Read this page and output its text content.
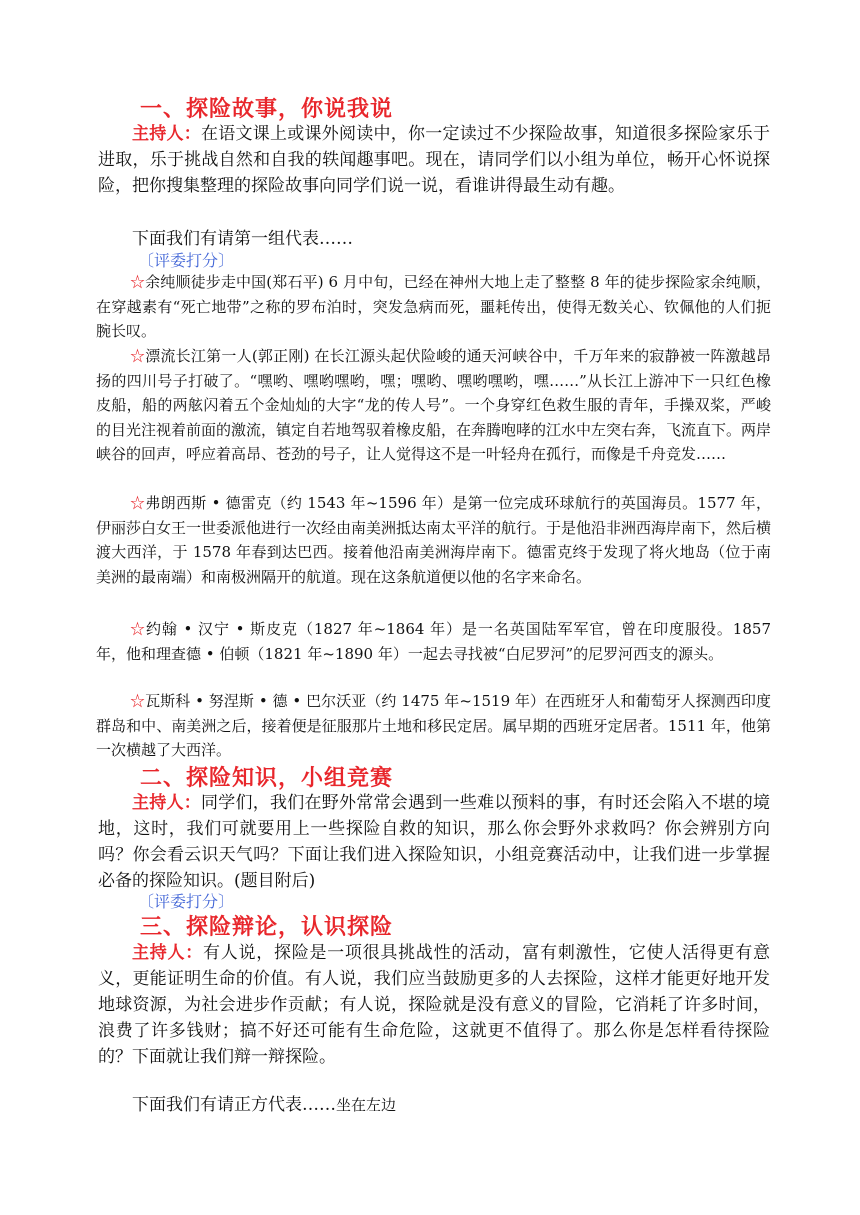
一、探险故事，你说我说
主持人：在语文课上或课外阅读中，你一定读过不少探险故事，知道很多探险家乐于进取，乐于挑战自然和自我的轶闻趣事吧。现在，请同学们以小组为单位，畅开心怀说探险，把你搜集整理的探险故事向同学们说一说，看谁讲得最生动有趣。
下面我们有请第一组代表……
〔评委打分〕
☆余纯顺徒步走中国(郑石平) 6 月中旬，已经在神州大地上走了整整 8 年的徒步探险家余纯顺，在穿越素有“死亡地带”之称的罗布泊时，突发急病而死，噩耗传出，使得无数关心、钦佩他的人们扼腕长叹。
☆漂流长江第一人(郭正刚) 在长江源头起伏险峻的通天河峡谷中，千万年来的寂静被一阵激越昂扬的四川号子打破了。“嘿哟、嘿哟嘿哟，嘿；嘿哟、嘿哟嘿哟，嘿……”从长江上游冲下一只红色橡皮船，船的两舷闪着五个金灿灿的大字“龙的传人号”。一个身穿红色救生服的青年，手操双桨，严峻的目光注视着前面的激流，镇定自若地驾驭着橡皮船，在奔腾咆哮的江水中左突右奔，飞流直下。两岸峡谷的回声，呼应着高昂、苍劲的号子，让人觉得这不是一叶轻舟在孤行，而像是千舟竞发……
☆弗朗西斯 • 德雷克（约 1543 年~1596 年）是第一位完成环球航行的英国海员。1577 年，伊丽莎白女王一世委派他进行一次经由南美洲抵达南太平洋的航行。于是他沿非洲西海岸南下，然后横渡大西洋，于 1578 年春到达巴西。接着他沿南美洲海岸南下。德雷克终于发现了将火地岛（位于南美洲的最南端）和南极洲隔开的航道。现在这条航道便以他的名字来命名。
☆约翰 • 汉宁 • 斯皮克（1827 年~1864 年）是一名英国陆军军官，曾在印度服役。1857 年，他和理查德 • 伯顿（1821 年~1890 年）一起去寻找被“白尼罗河”的尼罗河西支的源头。
☆瓦斯科 • 努涅斯 • 德 • 巴尔沃亚（约 1475 年~1519 年）在西班牙人和葡萄牙人探测西印度群岛和中、南美洲之后，接着便是征服那片土地和移民定居。属早期的西班牙定居者。1511 年，他第一次横越了大西洋。
二、探险知识，小组竞赛
主持人：同学们，我们在野外常常会遇到一些难以预料的事，有时还会陷入不堪的境地，这时，我们可就要用上一些探险自救的知识，那么你会野外求救吗？你会辨别方向吗？你会看云识天气吗？下面让我们进入探险知识，小组竞赛活动中，让我们进一步掌握必备的探险知识。(题目附后)
〔评委打分〕
三、探险辩论，认识探险
主持人：有人说，探险是一项很具挑战性的活动，富有刺激性，它使人活得更有意义，更能证明生命的价值。有人说，我们应当鼓励更多的人去探险，这样才能更好地开发地球资源，为社会进步作贡献；有人说，探险就是没有意义的冒险，它消耗了许多时间，浪费了许多钱财；搞不好还可能有生命危险，这就更不值得了。那么你是怎样看待探险的？下面就让我们辩一辩探险。
下面我们有请正方代表……坐在左边
